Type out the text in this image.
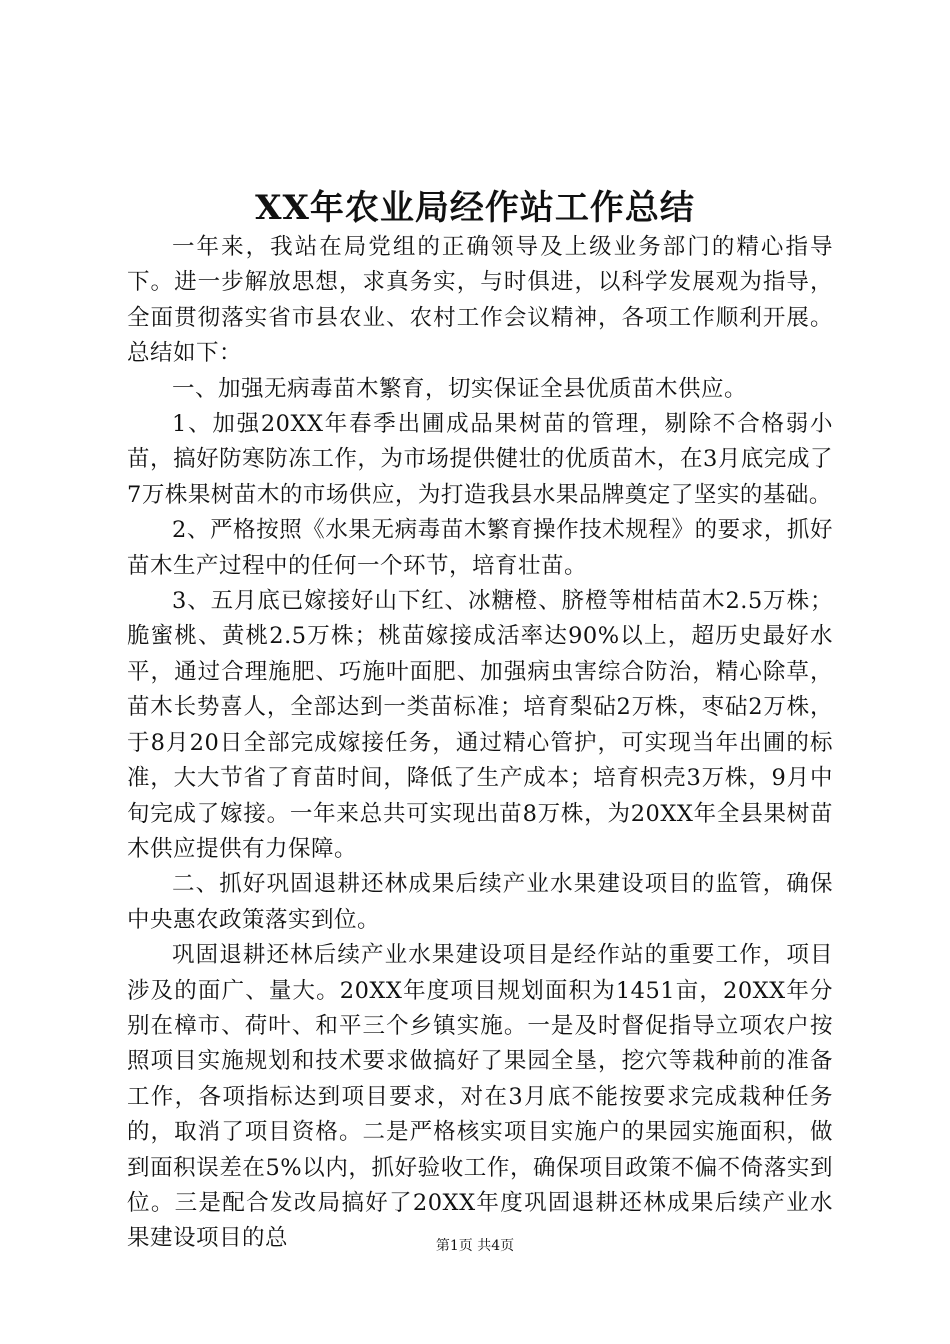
XX年农业局经作站工作总结

一年来，我站在局党组的正确领导及上级业务部门的精心指导下。进一步解放思想，求真务实，与时俱进，以科学发展观为指导，全面贯彻落实省市县农业、农村工作会议精神，各项工作顺利开展。总结如下：

一、加强无病毒苗木繁育，切实保证全县优质苗木供应。

1、加强20XX年春季出圃成品果树苗的管理，剔除不合格弱小苗，搞好防寒防冻工作，为市场提供健壮的优质苗木，在3月底完成了7万株果树苗木的市场供应，为打造我县水果品牌奠定了坚实的基础。

2、严格按照《水果无病毒苗木繁育操作技术规程》的要求，抓好苗木生产过程中的任何一个环节，培育壮苗。

3、五月底已嫁接好山下红、冰糖橙、脐橙等柑桔苗木2.5万株；脆蜜桃、黄桃2.5万株；桃苗嫁接成活率达90%以上，超历史最好水平，通过合理施肥、巧施叶面肥、加强病虫害综合防治，精心除草，苗木长势喜人，全部达到一类苗标准；培育梨砧2万株，枣砧2万株，于8月20日全部完成嫁接任务，通过精心管护，可实现当年出圃的标准，大大节省了育苗时间，降低了生产成本；培育枳壳3万株，9月中旬完成了嫁接。一年来总共可实现出苗8万株，为20XX年全县果树苗木供应提供有力保障。

二、抓好巩固退耕还林成果后续产业水果建设项目的监管，确保中央惠农政策落实到位。

巩固退耕还林后续产业水果建设项目是经作站的重要工作，项目涉及的面广、量大。20XX年度项目规划面积为1451亩，20XX年分别在樟市、荷叶、和平三个乡镇实施。一是及时督促指导立项农户按照项目实施规划和技术要求做搞好了果园全垦，挖穴等栽种前的准备工作，各项指标达到项目要求，对在3月底不能按要求完成栽种任务的，取消了项目资格。二是严格核实项目实施户的果园实施面积，做到面积误差在5%以内，抓好验收工作，确保项目政策不偏不倚落实到位。三是配合发改局搞好了20XX年度巩固退耕还林成果后续产业水果建设项目的总	第1页 共4页
